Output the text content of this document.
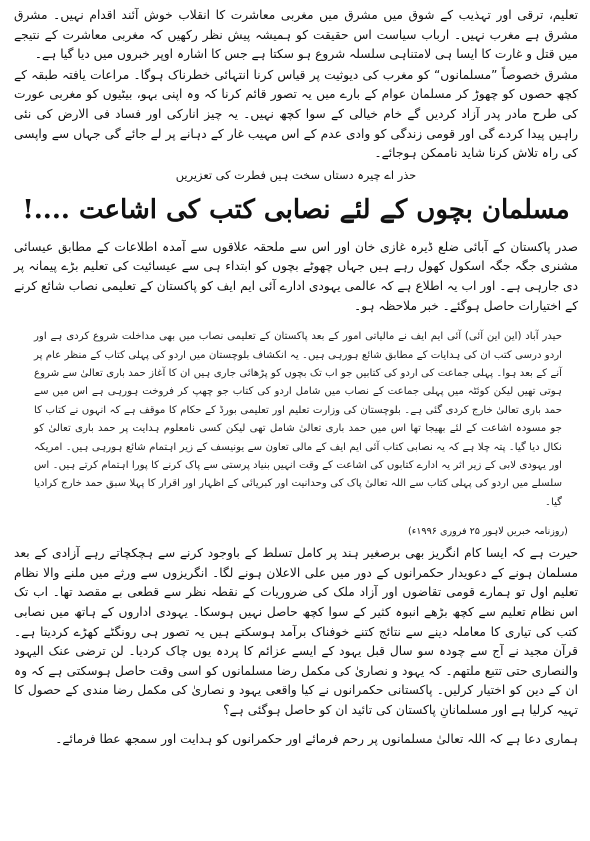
تعلیم، ترقی اور تہذیب کے شوق میں مشرق میں مغربی معاشرت کا انقلاب خوش آئند اقدام نہیں۔ مشرق مشرق ہے مغرب نہیں۔ ارباب سیاست اس حقیقت کو ہمیشہ پیش نظر رکھیں کہ مغربی معاشرت کے نتیجے میں قتل و غارت کا ایسا ہی لامتناہی سلسلہ شروع ہو سکتا ہے جس کا اشارہ اوپر خبروں میں دیا گیا ہے۔

مشرق خصوصاً ”مسلمانوں“ کو مغرب کی دیوثیت پر قیاس کرنا انتہائی خطرناک ہوگا۔ مراعات یافتہ طبقہ کے کچھ حصوں کو چھوڑ کر مسلمان عوام کے بارے میں یہ تصور قائم کرنا کہ وہ اپنی بہو، بیٹیوں کو مغربی عورت کی طرح مادر پدر آزاد کردیں گے خام خیالی کے سوا کچھ نہیں۔ یہ چیز انارکی اور فساد فی الارض کی نئی راہیں پیدا کردے گی اور قومی زندگی کو وادی عدم کے اس مہیب غار کے دہانے پر لے جائے گی جہاں سے واپسی کی راہ تلاش کرنا شاید ناممکن ہوجائے۔

حذر اے چیرہ دستاں سخت ہیں فطرت کی تعزیریں

مسلمان بچوں کے لئے نصابی کتب کی اشاعت ....!

صدر پاکستان کے آبائی ضلع ڈیرہ غازی خان اور اس سے ملحقہ علاقوں سے آمدہ اطلاعات کے مطابق عیسائی مشنری جگہ جگہ اسکول کھول رہے ہیں جہاں چھوٹے بچوں کو ابتداء ہی سے عیسائیت کی تعلیم بڑے پیمانہ پر دی جارہی ہے۔ اور اب یہ اطلاع ہے کہ عالمی یہودی ادارے آئی ایم ایف کو پاکستان کے تعلیمی نصاب شائع کرنے کے اختیارات حاصل ہوگئے۔ خبر ملاحظہ ہو۔

حیدر آباد (این این آئی) آئی ایم ایف نے مالیاتی امور کے بعد پاکستان کے تعلیمی نصاب میں بھی مداخلت شروع کردی ہے اور اردو درسی کتب ان کی ہدایات کے مطابق شائع ہورہی ہیں۔ یہ انکشاف بلوچستان میں اردو کی پہلی کتاب کے منظر عام پر آنے کے بعد ہوا۔ پہلی جماعت کی اردو کی کتابیں جو اب تک بچوں کو پڑھائی جاری ہیں ان کا آغاز حمد باری تعالیٰ سے شروع ہوتی تھیں لیکن کوئٹہ میں پہلی جماعت کے نصاب میں شامل اردو کی کتاب جو چھپ کر فروخت ہورہی ہے اس میں سے حمد باری تعالیٰ خارج کردی گئی ہے۔ بلوچستان کی وزارت تعلیم اور تعلیمی بورڈ کے حکام کا موقف ہے کہ انہوں نے کتاب کا جو مسودہ اشاعت کے لئے بھیجا تھا اس میں حمد باری تعالیٰ شامل تھی لیکن کسی نامعلوم ہدایت پر حمد باری تعالیٰ کو نکال دیا گیا۔ پتہ چلا ہے کہ یہ نصابی کتاب آئی ایم ایف کے مالی تعاون سے یونیسف کے زیر اہتمام شائع ہورہی ہیں۔ امریکہ اور یہودی لابی کے زیر اثر یہ ادارے کتابوں کی اشاعت کے وقت انہیں بنیاد پرستی سے پاک کرنے کا پورا اہتمام کرتے ہیں۔ اس سلسلے میں اردو کی پہلی کتاب سے اللہ تعالیٰ پاک کی وحدانیت اور کبریائی کے اظہار اور اقرار کا پہلا سبق حمد خارج کرادیا گیا۔

(روزنامہ خبریں لاہور ۲۵ فروری ۱۹۹۶ء)

حیرت ہے کہ ایسا کام انگریز بھی برصغیر ہند پر کامل تسلط کے باوجود کرنے سے ہچکچاتے رہے آزادی کے بعد مسلمان ہونے کے دعویدار حکمرانوں کے دور میں علی الاعلان ہونے لگا۔ انگریزوں سے ورثے میں ملنے والا نظام تعلیم اول تو ہمارے قومی تقاضوں اور آزاد ملک کی ضروریات کے نقطہ نظر سے قطعی بے مقصد تھا۔ اب تک اس نظام تعلیم سے کچھ بڑھے انبوہ کثیر کے سوا کچھ حاصل نہیں ہوسکا۔ یہودی اداروں کے ہاتھ میں نصابی کتب کی تیاری کا معاملہ دینے سے نتائج کتنے خوفناک برآمد ہوسکتے ہیں یہ تصور ہی رونگٹے کھڑے کردیتا ہے۔ قرآن مجید نے آج سے چودہ سو سال قبل یہود کے ایسے عزائم کا پردہ یوں چاک کردیا۔ لن ترضی عنک الیہود والنصاری حتی تتبع ملتھم۔ کہ یہود و نصاریٰ کی مکمل رضا مسلمانوں کو اسی وقت حاصل ہوسکتی ہے کہ وہ ان کے دین کو اختیار کرلیں۔ پاکستانی حکمرانوں نے کیا واقعی یہود و نصاریٰ کی مکمل رضا مندی کے حصول کا تہیہ کرلیا ہے اور مسلمانانِ پاکستان کی تائید ان کو حاصل ہوگئی ہے؟

ہماری دعا ہے کہ اللہ تعالیٰ مسلمانوں پر رحم فرمائے اور حکمرانوں کو ہدایت اور سمجھ عطا فرمائے۔
